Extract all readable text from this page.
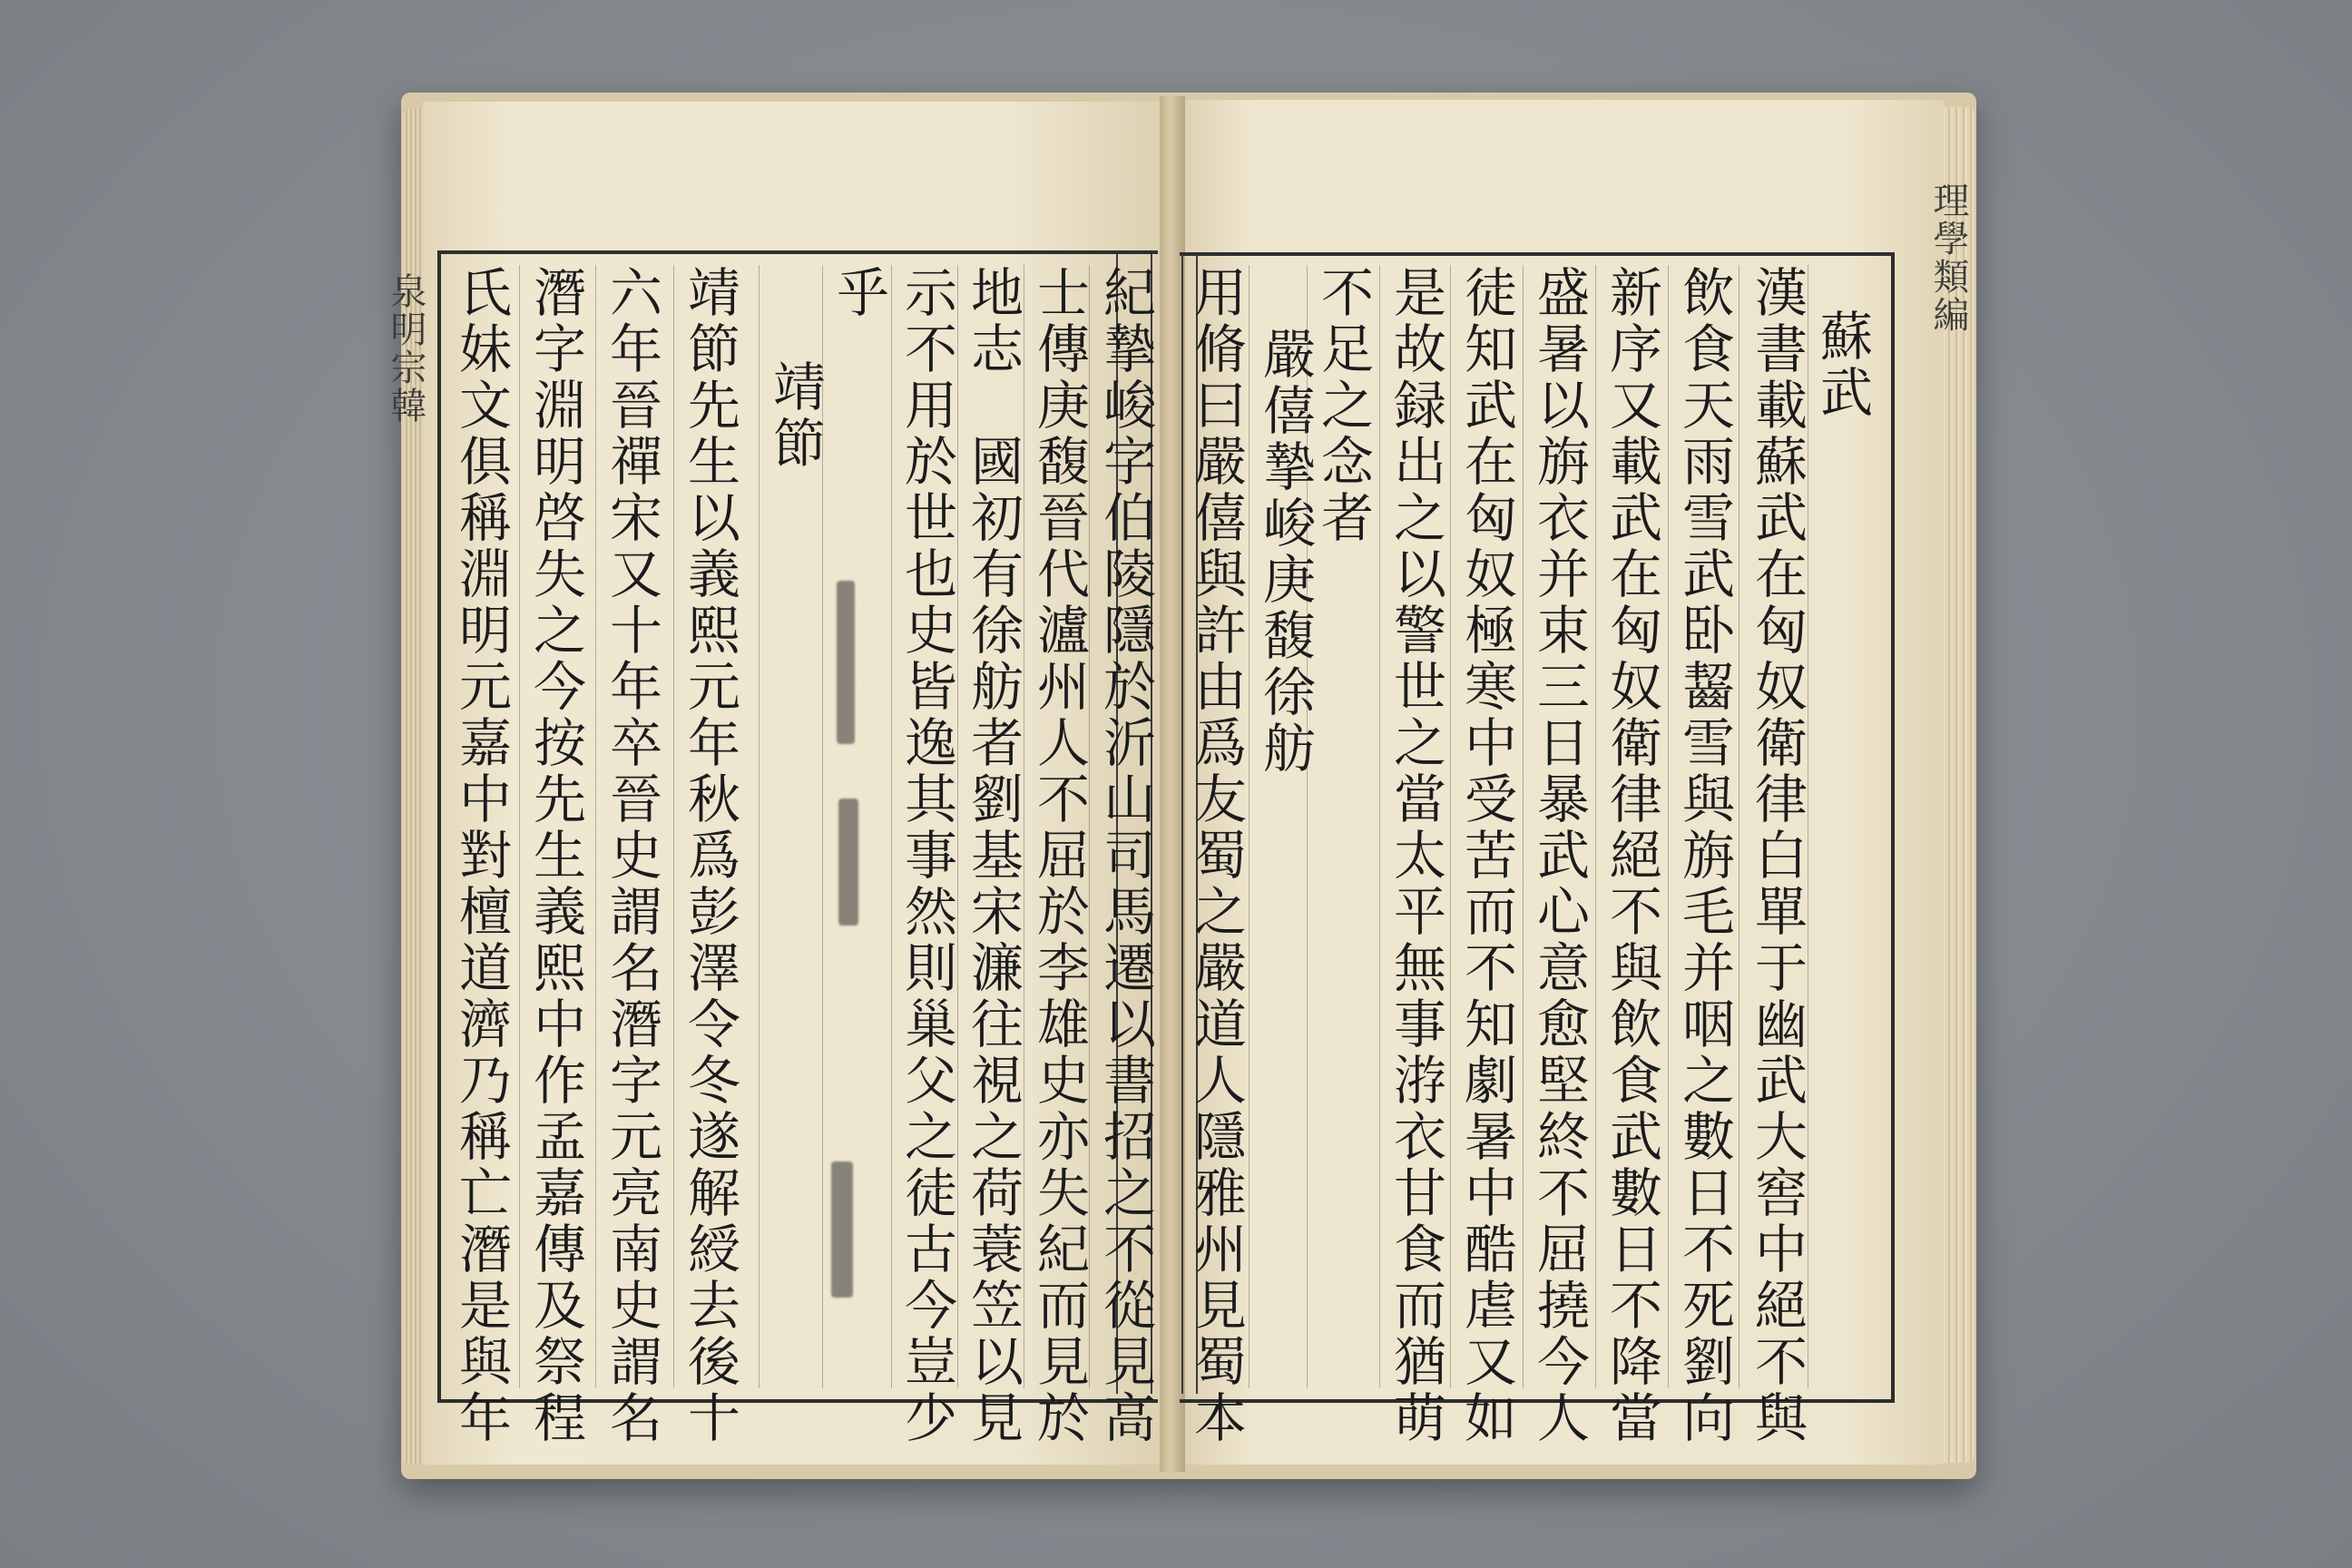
泉明宗韓
理學類編
紀摯峻字伯陵隱於沂山司馬遷以書招之不從見高
士傳庚馥晉代瀘州人不屈於李雄史亦失紀而見於
地志　國初有徐舫者劉基宋濂往視之荷蓑笠以見
示不用於世也史皆逸其事然則巢父之徒古今豈少
乎
靖節
靖節先生以義熙元年秋爲彭澤令冬遂解綬去後十
六年晉禪宋又十年卒晉史謂名潛字元亮南史謂名
潛字淵明啓失之今按先生義熙中作孟嘉傳及祭程
氏妹文俱稱淵明元嘉中對檀道濟乃稱亡潛是與年	蘇武
漢書載蘇武在匈奴衛律白單于幽武大窖中絕不與
飲食天雨雪武卧齧雪與旃毛并咽之數日不死劉向
新序又載武在匈奴衛律絕不與飲食武數日不降當
盛暑以旃衣并束三日暴武心意愈堅終不屈撓今人
徒知武在匈奴極寒中受苦而不知劇暑中酷虐又如
是故録出之以警世之當太平無事㳺衣甘食而猶萌
不足之念者
嚴僖摯峻庚馥徐舫
用脩曰嚴僖與許由爲友蜀之嚴道人隱雅州見蜀本
